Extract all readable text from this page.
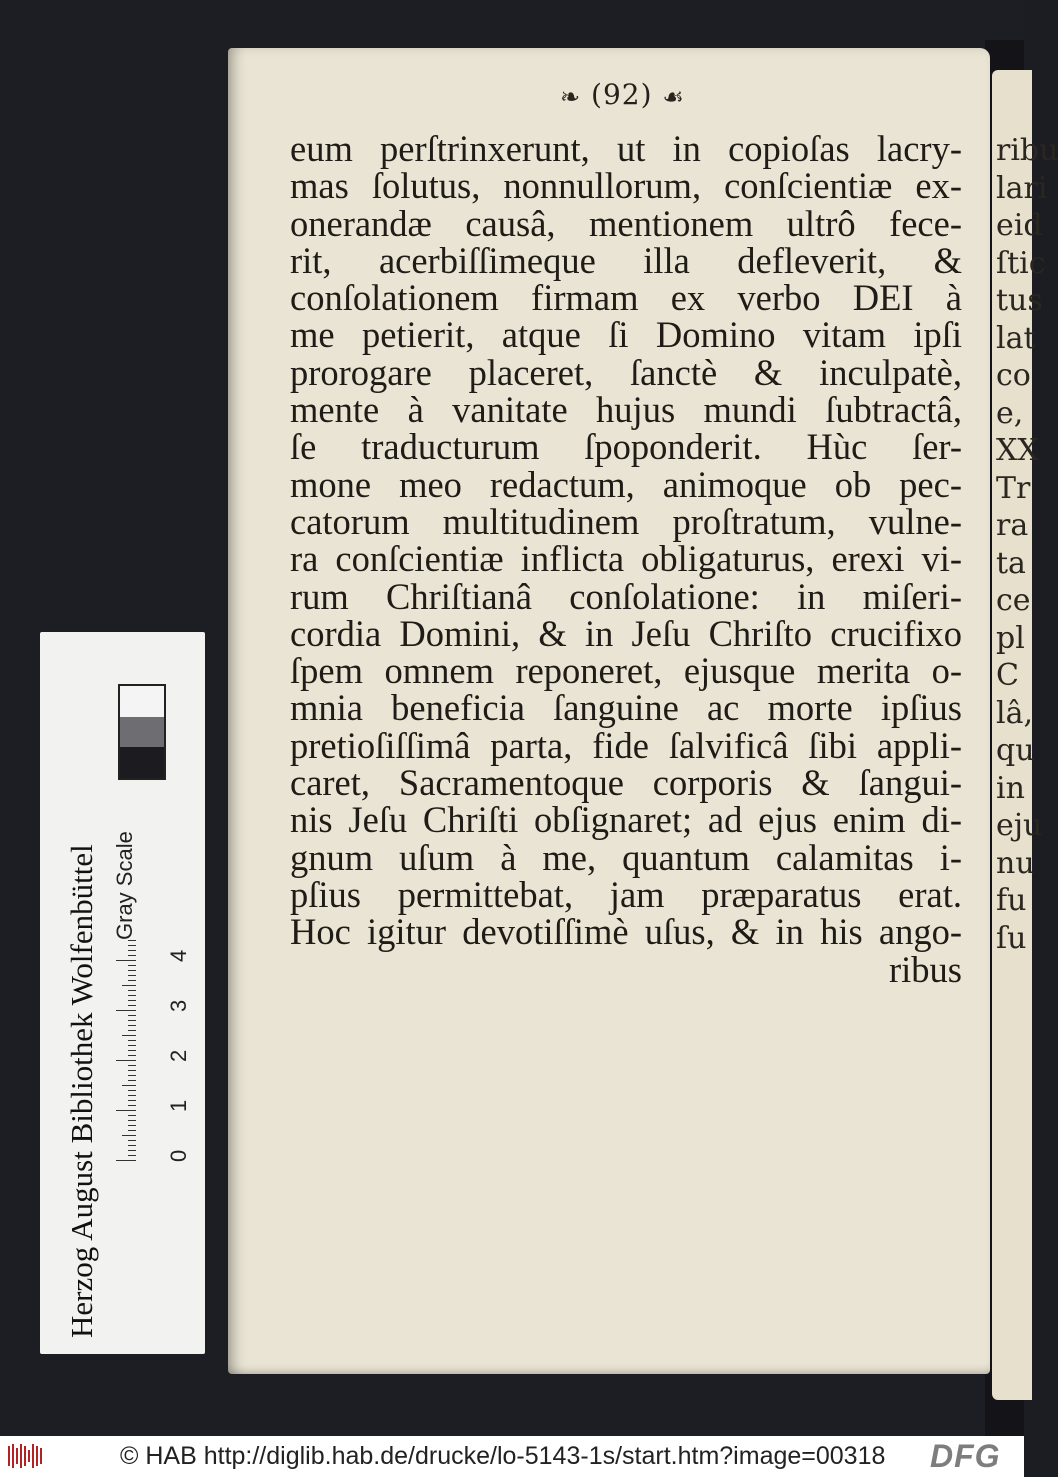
ribu
lari
eid
ſtic
tus
lat
co
e,
XX
Tr
ra
ta
ce
pl
C
lâ,
qu
in
eju
nu
fu
ſu
❧ (92) ☙
eum perſtrinxerunt, ut in copioſas lacry-
mas ſolutus, nonnullorum, conſcientiæ ex-
onerandæ causâ, mentionem ultrô fece-
rit, acerbiſſimeque illa defleverit, &
conſolationem firmam ex verbo DEI à
me petierit, atque ſi Domino vitam ipſi
prorogare placeret, ſanctè & inculpatè,
mente à vanitate hujus mundi ſubtractâ,
ſe traducturum ſpoponderit. Hùc ſer-
mone meo redactum, animoque ob pec-
catorum multitudinem proſtratum, vulne-
ra conſcientiæ inflicta obligaturus, erexi vi-
rum Chriſtianâ conſolatione: in miſeri-
cordia Domini, & in Jeſu Chriſto crucifixo
ſpem omnem reponeret, ejusque merita o-
mnia beneficia ſanguine ac morte ipſius
pretioſiſſimâ parta, fide ſalvificâ ſibi appli-
caret, Sacramentoque corporis & ſangui-
nis Jeſu Chriſti obſignaret; ad ejus enim di-
gnum uſum à me, quantum calamitas i-
pſius permittebat, jam præparatus erat.
Hoc igitur devotiſſimè uſus, & in his ango-
ribus
Herzog August Bibliothek Wolfenbüttel Gray Scale
0
1
2
3
4
© HAB http://diglib.hab.de/drucke/lo-5143-1s/start.htm?image=00318 DFG
